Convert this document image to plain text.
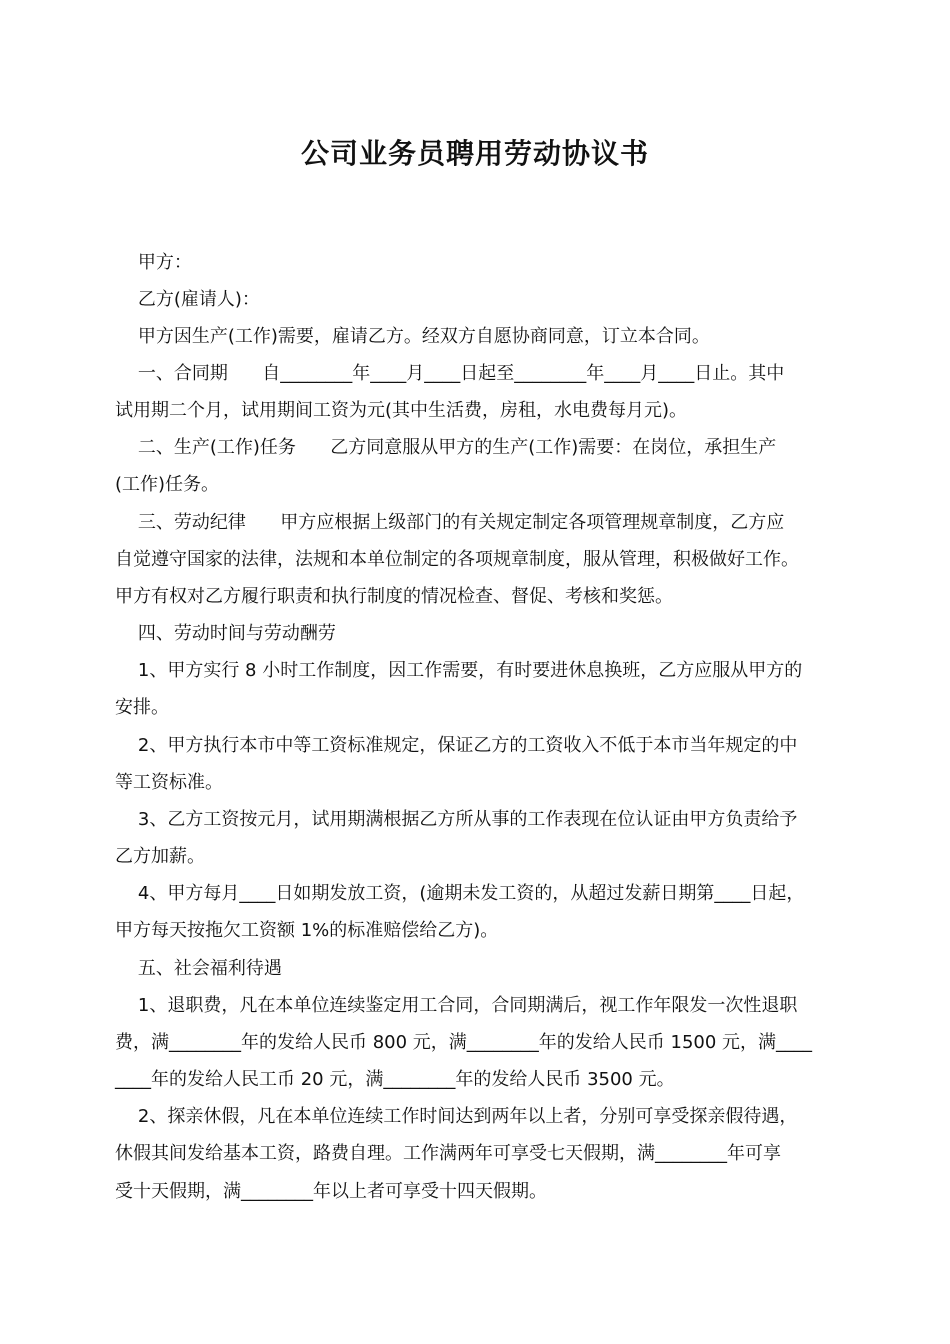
公司业务员聘用劳动协议书
甲方：
乙方(雇请人)：
甲方因生产(工作)需要，雇请乙方。经双方自愿协商同意，订立本合同。
一、合同期      自________年____月____日起至________年____月____日止。其中
试用期二个月，试用期间工资为元(其中生活费，房租，水电费每月元)。
二、生产(工作)任务      乙方同意服从甲方的生产(工作)需要：在岗位，承担生产
(工作)任务。
三、劳动纪律      甲方应根据上级部门的有关规定制定各项管理规章制度，乙方应
自觉遵守国家的法律，法规和本单位制定的各项规章制度，服从管理，积极做好工作。
甲方有权对乙方履行职责和执行制度的情况检查、督促、考核和奖惩。
四、劳动时间与劳动酬劳
1、甲方实行 8 小时工作制度，因工作需要，有时要进休息换班，乙方应服从甲方的
安排。
2、甲方执行本市中等工资标准规定，保证乙方的工资收入不低于本市当年规定的中
等工资标准。
3、乙方工资按元月，试用期满根据乙方所从事的工作表现在位认证由甲方负责给予
乙方加薪。
4、甲方每月____日如期发放工资，(逾期未发工资的，从超过发薪日期第____日起，
甲方每天按拖欠工资额 1%的标准赔偿给乙方)。
五、社会福利待遇
1、退职费，凡在本单位连续鉴定用工合同，合同期满后，视工作年限发一次性退职
费，满________年的发给人民币 800 元，满________年的发给人民币 1500 元，满____
____年的发给人民工币 20 元，满________年的发给人民币 3500 元。
2、探亲休假，凡在本单位连续工作时间达到两年以上者，分别可享受探亲假待遇，
休假其间发给基本工资，路费自理。工作满两年可享受七天假期，满________年可享
受十天假期，满________年以上者可享受十四天假期。
